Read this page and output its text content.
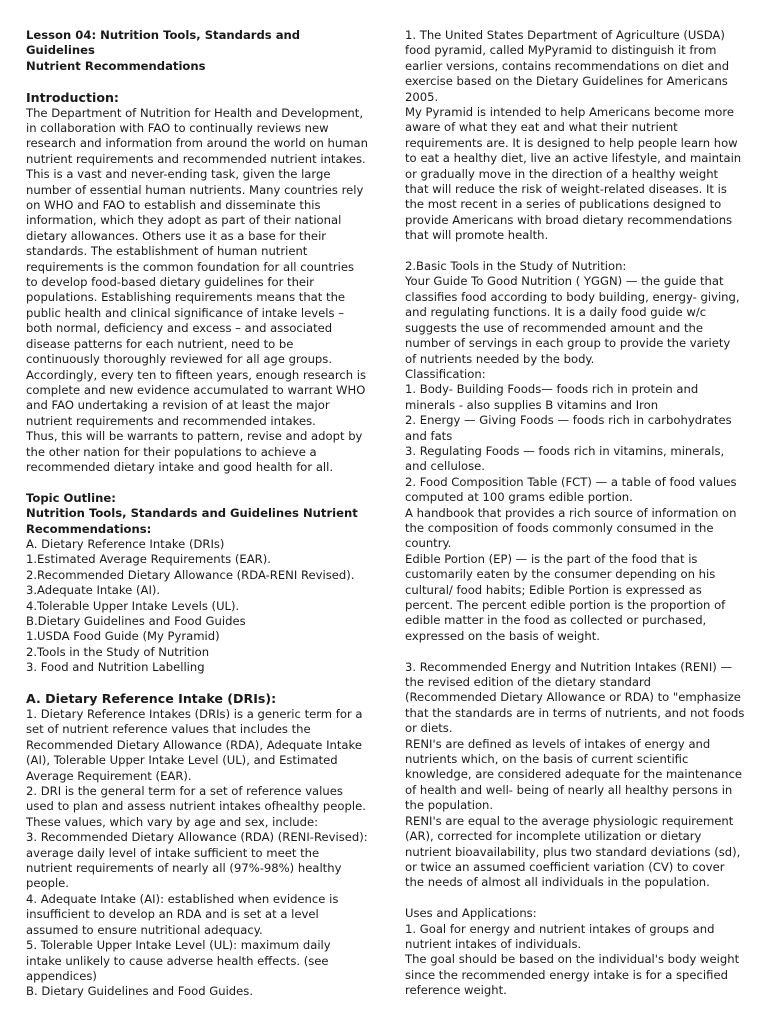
Lesson 04: Nutrition Tools, Standards and Guidelines

Nutrient Recommendations

Introduction:

The Department of Nutrition for Health and Development, in collaboration with FAO to continually reviews new research and information from around the world on human nutrient requirements and recommended nutrient intakes. This is a vast and never-ending task, given the large number of essential human nutrients. Many countries rely on WHO and FAO to establish and disseminate this information, which they adopt as part of their national dietary allowances. Others use it as a base for their standards. The establishment of human nutrient requirements is the common foundation for all countries to develop food-based dietary guidelines for their populations. Establishing requirements means that the public health and clinical significance of intake levels – both normal, deficiency and excess – and associated disease patterns for each nutrient, need to be continuously thoroughly reviewed for all age groups. Accordingly, every ten to fifteen years, enough research is complete and new evidence accumulated to warrant WHO and FAO undertaking a revision of at least the major nutrient requirements and recommended intakes.

Thus, this will be warrants to pattern, revise and adopt by the other nation for their populations to achieve a recommended dietary intake and good health for all.

Topic Outline:

Nutrition Tools, Standards and Guidelines Nutrient Recommendations:

A. Dietary Reference Intake (DRIs)

1.Estimated Average Requirements (EAR).

2.Recommended Dietary Allowance (RDA-RENI Revised).

3.Adequate Intake (AI).

4.Tolerable Upper Intake Levels (UL).

B.Dietary Guidelines and Food Guides

1.USDA Food Guide (My Pyramid)

2.Tools in the Study of Nutrition

3. Food and Nutrition Labelling

A. Dietary Reference Intake (DRIs):

1. Dietary Reference Intakes (DRIs) is a generic term for a set of nutrient reference values that includes the Recommended Dietary Allowance (RDA), Adequate Intake (AI), Tolerable Upper Intake Level (UL), and Estimated Average Requirement (EAR).

2. DRI is the general term for a set of reference values used to plan and assess nutrient intakes ofhealthy people. These values, which vary by age and sex, include:

3. Recommended Dietary Allowance (RDA) (RENI-Revised): average daily level of intake sufficient to meet the nutrient requirements of nearly all (97%-98%) healthy people.

4. Adequate Intake (AI): established when evidence is insufficient to develop an RDA and is set at a level assumed to ensure nutritional adequacy.

5. Tolerable Upper Intake Level (UL): maximum daily intake unlikely to cause adverse health effects. (see appendices)

B. Dietary Guidelines and Food Guides.

1. The United States Department of Agriculture (USDA) food pyramid, called MyPyramid to distinguish it from earlier versions, contains recommendations on diet and exercise based on the Dietary Guidelines for Americans 2005.

My Pyramid is intended to help Americans become more aware of what they eat and what their nutrient requirements are. It is designed to help people learn how to eat a healthy diet, live an active lifestyle, and maintain or gradually move in the direction of a healthy weight that will reduce the risk of weight-related diseases. It is the most recent in a series of publications designed to provide Americans with broad dietary recommendations that will promote health.

2.Basic Tools in the Study of Nutrition:

Your Guide To Good Nutrition ( YGGN) — the guide that classifies food according to body building, energy- giving, and regulating functions. It is a daily food guide w/c suggests the use of recommended amount and the number of servings in each group to provide the variety of nutrients needed by the body.

Classification:

1. Body- Building Foods— foods rich in protein and minerals - also supplies B vitamins and Iron

2. Energy — Giving Foods — foods rich in carbohydrates and fats

3. Regulating Foods — foods rich in vitamins, minerals, and cellulose.

2. Food Composition Table (FCT) — a table of food values computed at 100 grams edible portion.

A handbook that provides a rich source of information on the composition of foods commonly consumed in the country.

Edible Portion (EP) — is the part of the food that is customarily eaten by the consumer depending on his cultural/ food habits; Edible Portion is expressed as percent. The percent edible portion is the proportion of edible matter in the food as collected or purchased, expressed on the basis of weight.

3. Recommended Energy and Nutrition Intakes (RENI) — the revised edition of the dietary standard (Recommended Dietary Allowance or RDA) to "emphasize that the standards are in terms of nutrients, and not foods or diets.

RENI's are defined as levels of intakes of energy and nutrients which, on the basis of current scientific knowledge, are considered adequate for the maintenance of health and well- being of nearly all healthy persons in the population.

RENI's are equal to the average physiologic requirement (AR), corrected for incomplete utilization or dietary nutrient bioavailability, plus two standard deviations (sd), or twice an assumed coefficient variation (CV) to cover the needs of almost all individuals in the population.

Uses and Applications:

1. Goal for energy and nutrient intakes of groups and nutrient intakes of individuals.

The goal should be based on the individual's body weight since the recommended energy intake is for a specified reference weight.
